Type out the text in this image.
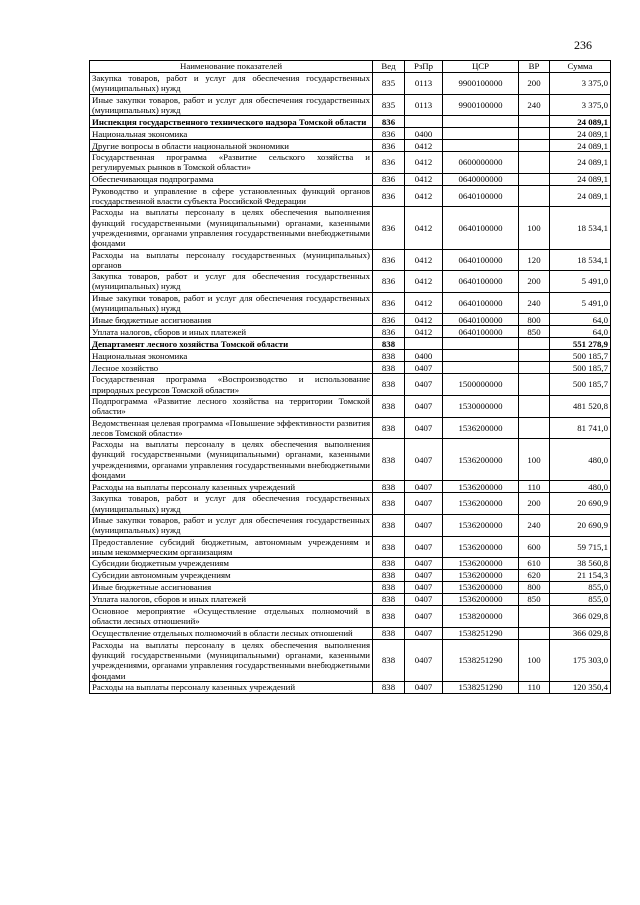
236
Наименование показателей	Вед	РзПр	ЦСР	ВР	Сумма
Закупка товаров, работ и услуг для обеспечения государственных (муниципальных) нужд	835	0113	9900100000	200	3 375,0
Иные закупки товаров, работ и услуг для обеспечения государственных (муниципальных) нужд	835	0113	9900100000	240	3 375,0
Инспекция государственного технического надзора Томской области	836				24 089,1
Национальная экономика	836	0400			24 089,1
Другие вопросы в области национальной экономики	836	0412			24 089,1
Государственная программа «Развитие сельского хозяйства и регулируемых рынков в Томской области»	836	0412	0600000000		24 089,1
Обеспечивающая подпрограмма	836	0412	0640000000		24 089,1
Руководство и управление в сфере установленных функций органов государственной власти субъекта Российской Федерации	836	0412	0640100000		24 089,1
Расходы на выплаты персоналу в целях обеспечения выполнения функций государственными (муниципальными) органами, казенными учреждениями, органами управления государственными внебюджетными фондами	836	0412	0640100000	100	18 534,1
Расходы на выплаты персоналу государственных (муниципальных) органов	836	0412	0640100000	120	18 534,1
Закупка товаров, работ и услуг для обеспечения государственных (муниципальных) нужд	836	0412	0640100000	200	5 491,0
Иные закупки товаров, работ и услуг для обеспечения государственных (муниципальных) нужд	836	0412	0640100000	240	5 491,0
Иные бюджетные ассигнования	836	0412	0640100000	800	64,0
Уплата налогов, сборов и иных платежей	836	0412	0640100000	850	64,0
Департамент лесного хозяйства Томской области	838				551 278,9
Национальная экономика	838	0400			500 185,7
Лесное хозяйство	838	0407			500 185,7
Государственная программа «Воспроизводство и использование природных ресурсов Томской области»	838	0407	1500000000		500 185,7
Подпрограмма «Развитие лесного хозяйства на территории Томской области»	838	0407	1530000000		481 520,8
Ведомственная целевая программа «Повышение эффективности развития лесов Томской области»	838	0407	1536200000		81 741,0
Расходы на выплаты персоналу в целях обеспечения выполнения функций государственными (муниципальными) органами, казенными учреждениями, органами управления государственными внебюджетными фондами	838	0407	1536200000	100	480,0
Расходы на выплаты персоналу казенных учреждений	838	0407	1536200000	110	480,0
Закупка товаров, работ и услуг для обеспечения государственных (муниципальных) нужд	838	0407	1536200000	200	20 690,9
Иные закупки товаров, работ и услуг для обеспечения государственных (муниципальных) нужд	838	0407	1536200000	240	20 690,9
Предоставление субсидий бюджетным, автономным учреждениям и иным некоммерческим организациям	838	0407	1536200000	600	59 715,1
Субсидии бюджетным учреждениям	838	0407	1536200000	610	38 560,8
Субсидии автономным учреждениям	838	0407	1536200000	620	21 154,3
Иные бюджетные ассигнования	838	0407	1536200000	800	855,0
Уплата налогов, сборов и иных платежей	838	0407	1536200000	850	855,0
Основное мероприятие «Осуществление отдельных полномочий в области лесных отношений»	838	0407	1538200000		366 029,8
Осуществление отдельных полномочий в области лесных отношений	838	0407	1538251290		366 029,8
Расходы на выплаты персоналу в целях обеспечения выполнения функций государственными (муниципальными) органами, казенными учреждениями, органами управления государственными внебюджетными фондами	838	0407	1538251290	100	175 303,0
Расходы на выплаты персоналу казенных учреждений	838	0407	1538251290	110	120 350,4
